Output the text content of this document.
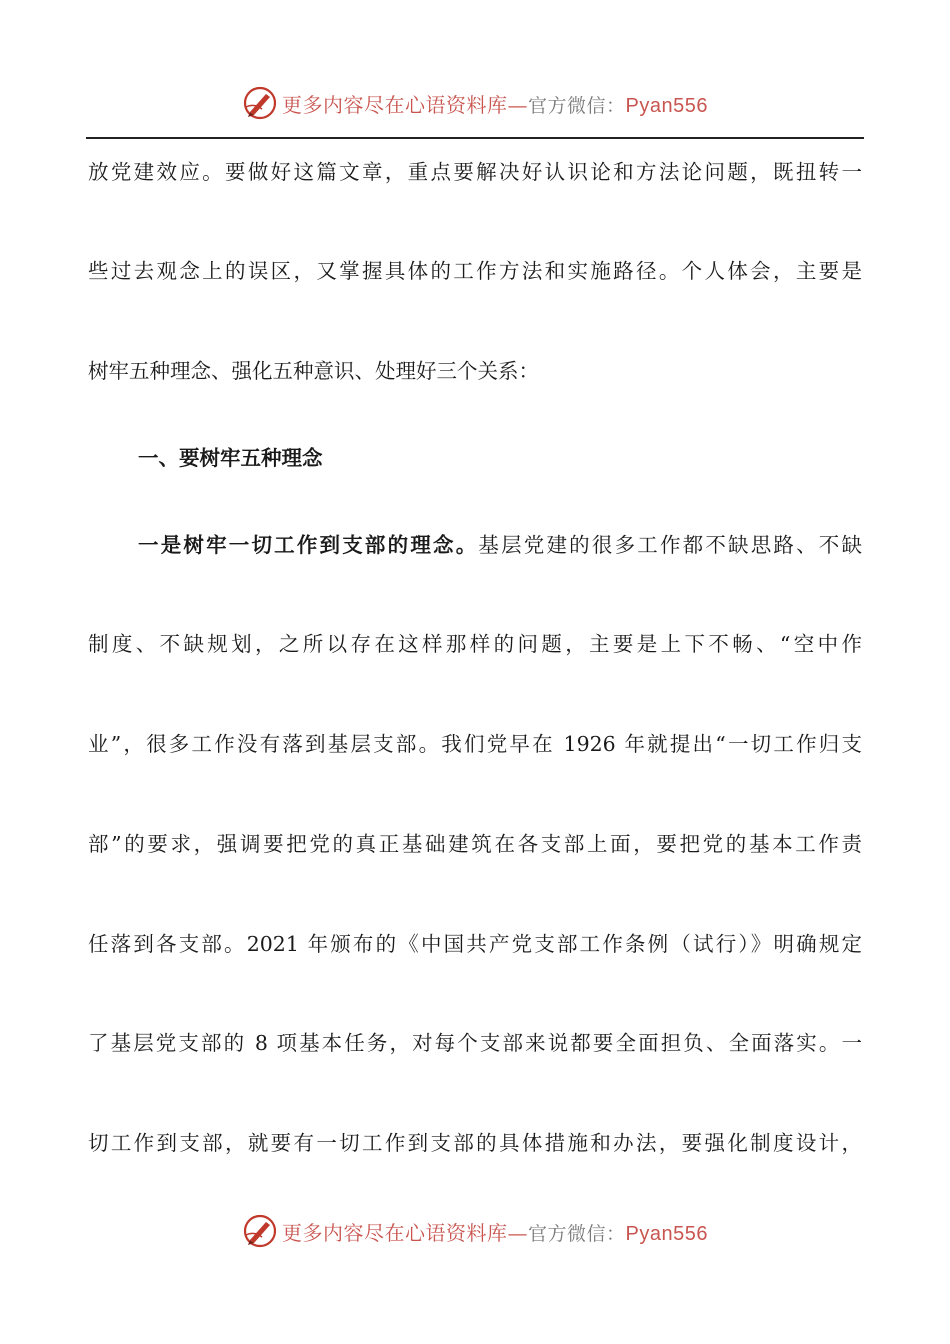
更多内容尽在心语资料库—官方微信：Pyan556
放党建效应。要做好这篇文章，重点要解决好认识论和方法论问题，既扭转一
些过去观念上的误区，又掌握具体的工作方法和实施路径。个人体会，主要是
树牢五种理念、强化五种意识、处理好三个关系：
一、要树牢五种理念
一是树牢一切工作到支部的理念。基层党建的很多工作都不缺思路、不缺
制度、不缺规划，之所以存在这样那样的问题，主要是上下不畅、“空中作
业”，很多工作没有落到基层支部。我们党早在 1926 年就提出“一切工作归支
部”的要求，强调要把党的真正基础建筑在各支部上面，要把党的基本工作责
任落到各支部。2021 年颁布的《中国共产党支部工作条例（试行）》明确规定
了基层党支部的 8 项基本任务，对每个支部来说都要全面担负、全面落实。一
切工作到支部，就要有一切工作到支部的具体措施和办法，要强化制度设计，
更多内容尽在心语资料库—官方微信：Pyan556
